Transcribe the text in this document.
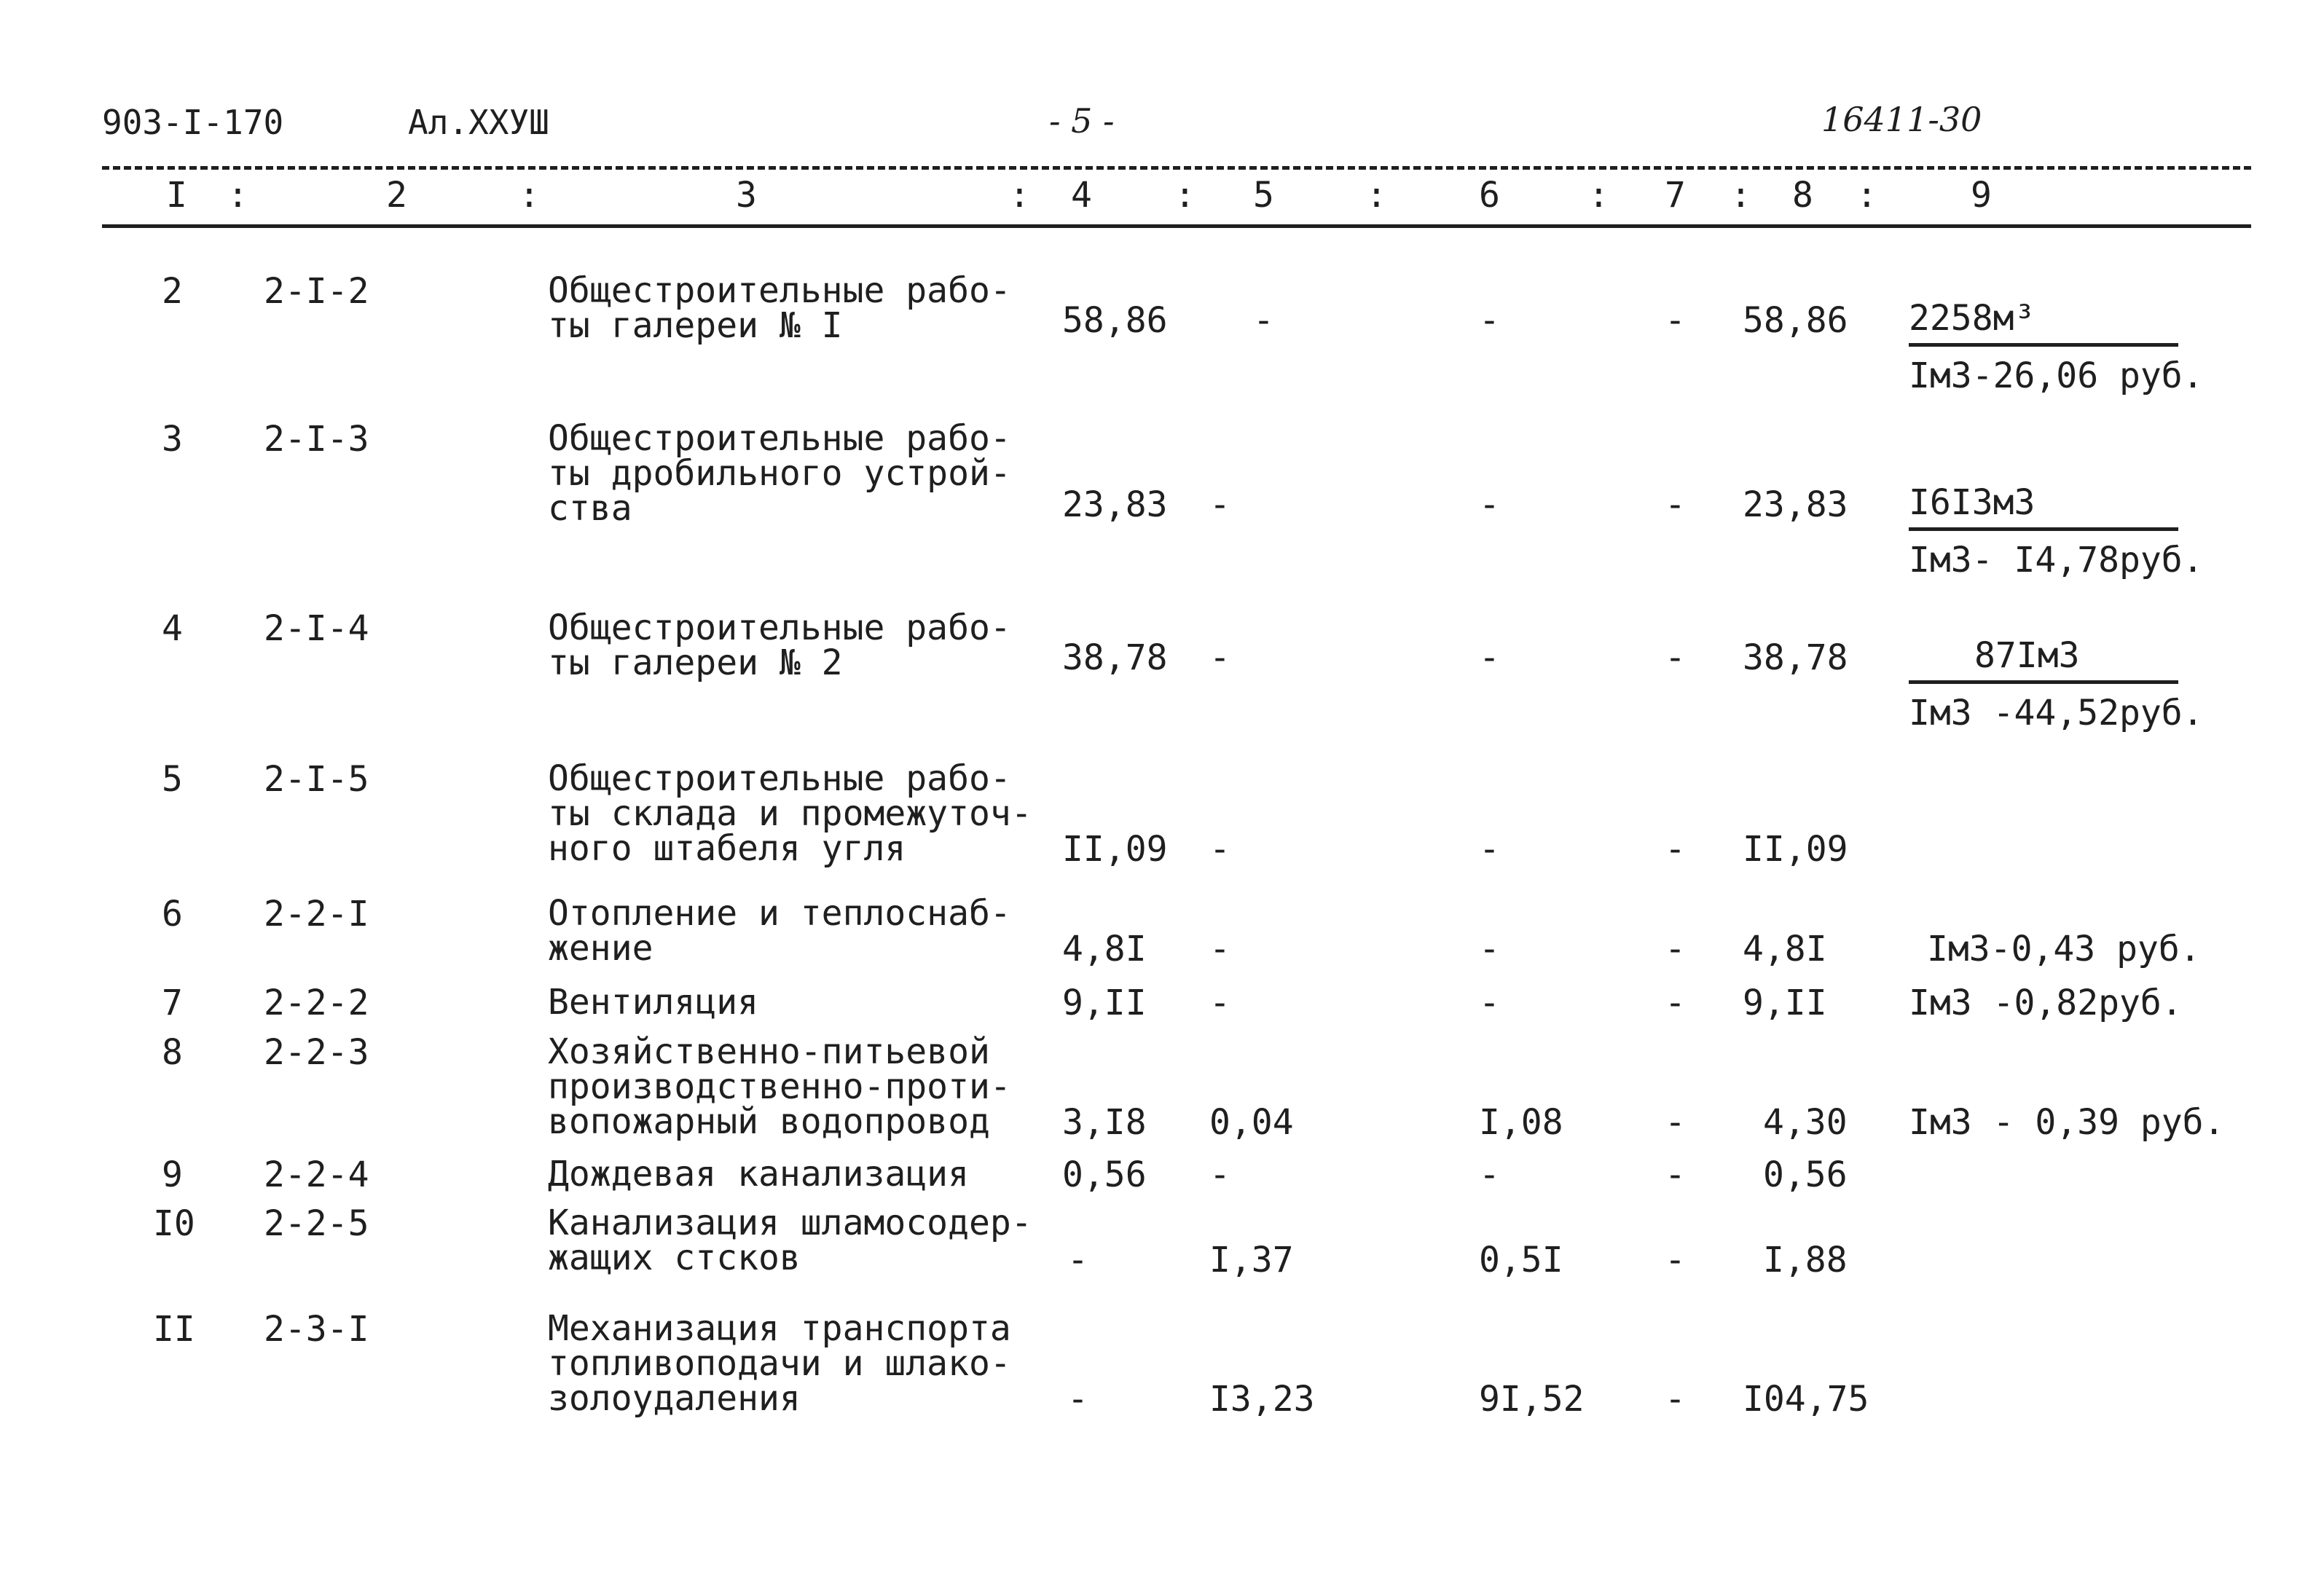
903-I-170	Ал.ХХУШ	- 5 -	16411-30
I :	2	:	3	: 4 : 5	:	6	: 7 : 8 :	9
2 2-I-2	Общестроительные рабо-
ты галереи № I	58,86 -	-	- 58,86 2258м³
Iм3-26,06 руб.
3 2-I-3	Общестроительные рабо-
ты дробильного устрой-
ства	23,83 -	-	- 23,83 I6I3м3
Iм3- I4,78руб.
4 2-I-4	Общестроительные рабо-
ты галереи № 2	38,78 -	-	- 38,78	87Iм3
Iм3 -44,52руб.
5 2-I-5	Общестроительные рабо-
ты склада и промежуточ-
ного штабеля угля	II,09 -	-	- II,09
6 2-2-I	Отопление и теплоснаб-
жение	4,8I -	-	- 4,8I	Iм3-0,43 руб.
7 2-2-2	Вентиляция	9,II -	-	- 9,II Iм3 -0,82руб.
8 2-2-3	Хозяйственно-питьевой
производственно-проти-
вопожарный водопровод	3,I8 0,04	I,08	- 4,30 Iм3 - 0,39 руб.
9 2-2-4	Дождевая канализация	0,56 -	-	- 0,56
I0 2-2-5	Канализация шламосодер-
жащих стсков	-	I,37	0,5I	- I,88
II 2-3-I	Механизация транспорта
топливоподачи и шлако-
золоудаления	-	I3,23	9I,52 - I04,75
